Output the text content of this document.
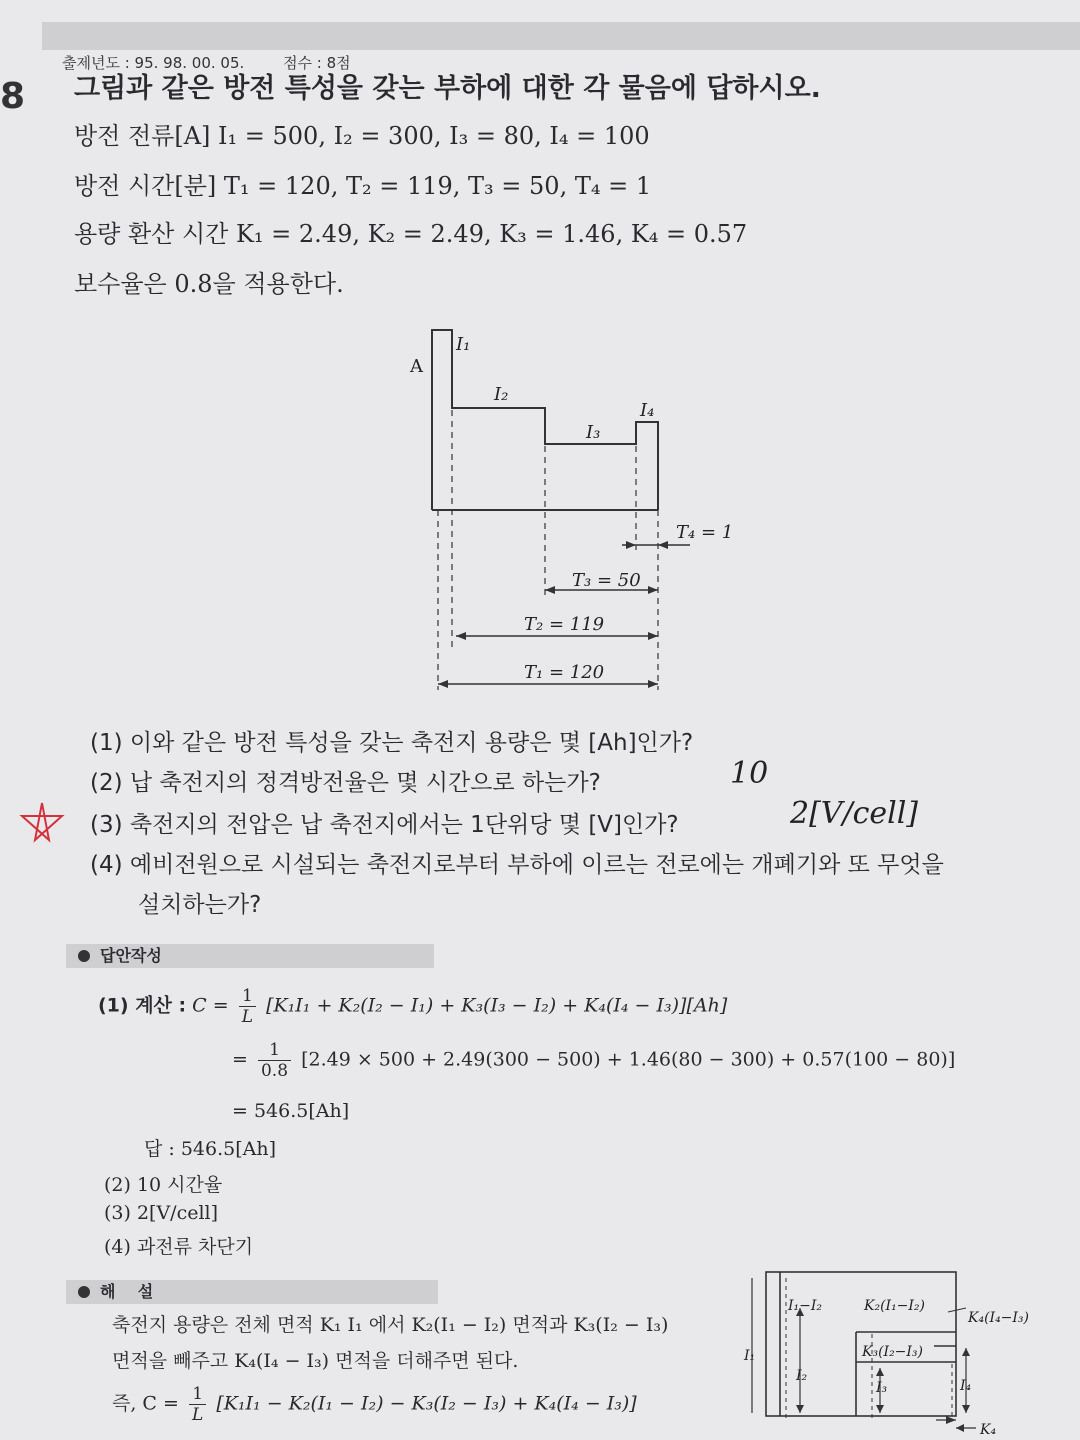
출제년도 : 95. 98. 00. 05.	점수 : 8점
8 그림과 같은 방전 특성을 갖는 부하에 대한 각 물음에 답하시오.
방전 전류[A] I₁ = 500, I₂ = 300, I₃ = 80, I₄ = 100
방전 시간[분] T₁ = 120, T₂ = 119, T₃ = 50, T₄ = 1
용량 환산 시간 K₁ = 2.49, K₂ = 2.49, K₃ = 1.46, K₄ = 0.57
보수율은 0.8을 적용한다.
A
I₁
I₂
I₃
I₄
T₄ = 1
T₃ = 50
T₂ = 119
T₁ = 120
(1) 이와 같은 방전 특성을 갖는 축전지 용량은 몇 [Ah]인가?
(2) 납 축전지의 정격방전율은 몇 시간으로 하는가?
(3) 축전지의 전압은 납 축전지에서는 1단위당 몇 [V]인가?
(4) 예비전원으로 시설되는 축전지로부터 부하에 이르는 전로에는 개폐기와 또 무엇을
설치하는가?
10
2[V/cell]
답안작성
(1) 계산 : $C = \frac{1}{L} [K_1I_1 + K_2(I_2 - I_1) + K_3(I_3 - I_2) + K_4(I_4 - I_3)][Ah]$
= $\frac{1}{0.8} [2.49 \times 500 + 2.49(300 - 500) + 1.46(80 - 300) + 0.57(100 - 80)]$
= 546.5[Ah]
답 : 546.5[Ah]
(2) 10 시간율
(3) 2[V/cell]
(4) 과전류 차단기
해    설
축전지 용량은 전체 면적 K₁ I₁ 에서 K₂(I₁ − I₂) 면적과 K₃(I₂ − I₃)
면적을 빼주고 K₄(I₄ − I₃) 면적을 더해주면 된다.
즉, $C = \frac{1}{L} [K_1I_1 - K_2(I_1 - I_2) - K_3(I_2 - I_3) + K_4(I_4 - I_3)]$
I₁
I₁−I₂	K₂(I₁−I₂)
K₄(I₄−I₃)
K₃(I₂−I₃)
I₂
I₃	I₄
K₄
